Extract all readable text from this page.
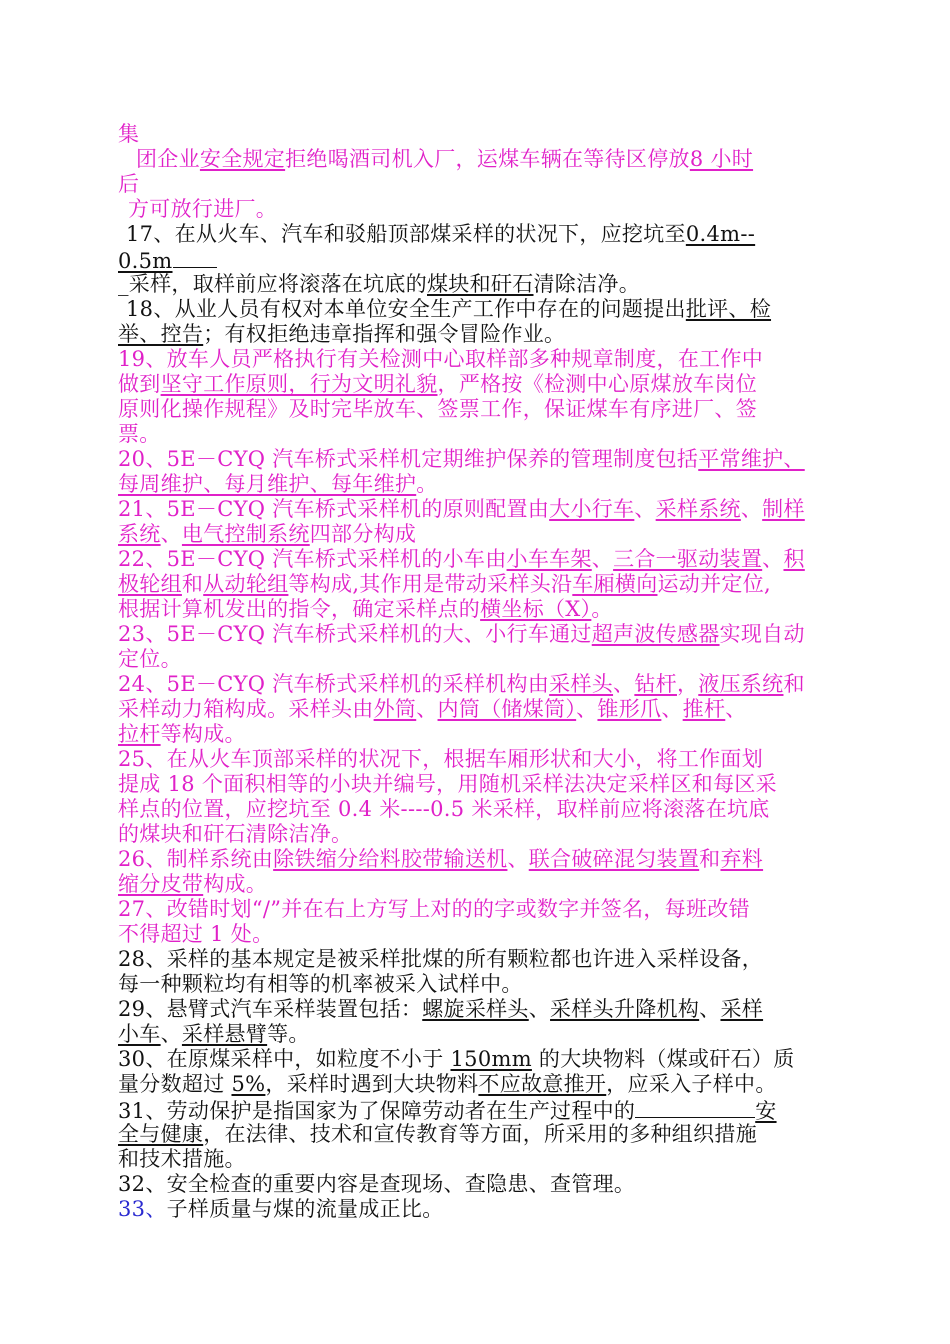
集
团企业安全规定拒绝喝酒司机入厂，运煤车辆在等待区停放8 小时
后
方可放行进厂。
17、在从火车、汽车和驳船顶部煤采样的状况下，应挖坑至0.4m--
0.5m
_采样，取样前应将滚落在坑底的煤块和矸石清除洁净。
18、从业人员有权对本单位安全生产工作中存在的问题提出批评、检
举、控告；有权拒绝违章指挥和强令冒险作业。
19、放车人员严格执行有关检测中心取样部多种规章制度，在工作中
做到坚守工作原则，行为文明礼貌，严格按《检测中心原煤放车岗位
原则化操作规程》及时完毕放车、签票工作，保证煤车有序进厂、签
票。
20、5E－CYQ 汽车桥式采样机定期维护保养的管理制度包括平常维护、
每周维护、每月维护、每年维护。
21、5E－CYQ 汽车桥式采样机的原则配置由大小行车、采样系统、制样
系统、电气控制系统四部分构成
22、5E－CYQ 汽车桥式采样机的小车由小车车架、三合一驱动装置、积
极轮组和从动轮组等构成,其作用是带动采样头沿车厢横向运动并定位,
根据计算机发出的指令，确定采样点的横坐标（X）。
23、5E－CYQ 汽车桥式采样机的大、小行车通过超声波传感器实现自动
定位。
24、5E－CYQ 汽车桥式采样机的采样机构由采样头、钻杆，液压系统和
采样动力箱构成。采样头由外筒、内筒（储煤筒）、锥形爪、推杆、
拉杆等构成。
25、在从火车顶部采样的状况下，根据车厢形状和大小，将工作面划
提成 18 个面积相等的小块并编号，用随机采样法决定采样区和每区采
样点的位置，应挖坑至 0.4 米----0.5 米采样，取样前应将滚落在坑底
的煤块和矸石清除洁净。
26、制样系统由除铁缩分给料胶带输送机、联合破碎混匀装置和弃料
缩分皮带构成。
27、改错时划“/”并在右上方写上对的的字或数字并签名，每班改错
不得超过 1 处。
28、采样的基本规定是被采样批煤的所有颗粒都也许进入采样设备，
每一种颗粒均有相等的机率被采入试样中。
29、悬臂式汽车采样装置包括：螺旋采样头、采样头升降机构、采样
小车、采样悬臂等。
30、在原煤采样中，如粒度不小于 150mm 的大块物料（煤或矸石）质
量分数超过 5%，采样时遇到大块物料不应故意推开，应采入子样中。
31、劳动保护是指国家为了保障劳动者在生产过程中的	安
全与健康，在法律、技术和宣传教育等方面，所采用的多种组织措施
和技术措施。
32、安全检查的重要内容是查现场、查隐患、查管理。
33、子样质量与煤的流量成正比。
